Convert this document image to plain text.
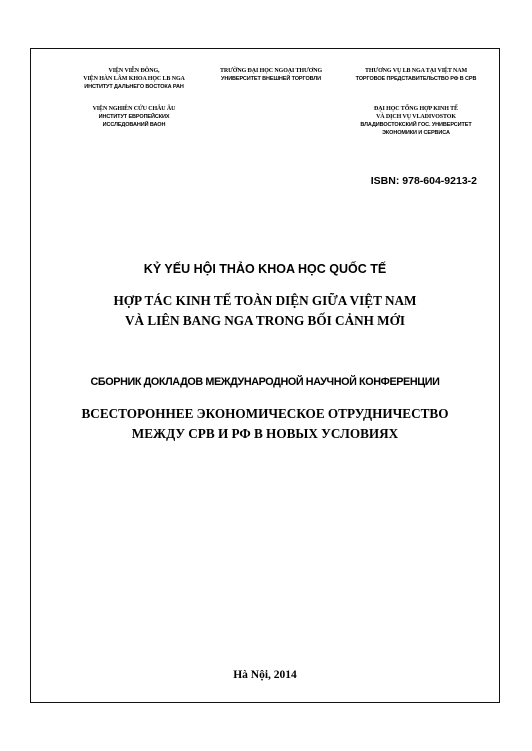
VIỆN VIỄN ĐÔNG,
VIỆN HÀN LÂM KHOA HỌC LB NGA
ИНСТИТУТ ДАЛЬНЕГО ВОСТОКА РАН
TRƯỜNG ĐẠI HỌC NGOẠI THƯƠNG
УНИВЕРСИТЕТ ВНЕШНЕЙ ТОРГОВЛИ
THƯƠNG VỤ LB NGA TẠI VIỆT NAM
ТОРГОВОЕ ПРЕДСТАВИТЕЛЬСТВО РФ В СРВ
VIỆN NGHIÊN CỨU CHÂU ÂU
ИНСТИТУТ ЕВРОПЕЙСКИХ
ИССЛЕДОВАНИЙ ВАОН
ĐẠI HỌC TỔNG HỢP KINH TẾ
VÀ DỊCH VỤ VLADIVOSTOK
ВЛАДИВОСТОКСКИЙ ГОС. УНИВЕРСИТЕТ
ЭКОНОМИКИ И СЕРВИСА
ISBN: 978-604-9213-2
KỶ YẾU HỘI THẢO KHOA HỌC QUỐC TẾ
HỢP TÁC KINH TẾ TOÀN DIỆN GIỮA VIỆT NAM
VÀ LIÊN BANG NGA TRONG BỐI CẢNH MỚI
СБОРНИК ДОКЛАДОВ МЕЖДУНАРОДНОЙ НАУЧНОЙ КОНФЕРЕНЦИИ
ВСЕСТОРОННЕЕ ЭКОНОМИЧЕСКОЕ ОТРУДНИЧЕСТВО
МЕЖДУ СРВ И РФ В НОВЫХ УСЛОВИЯХ
Hà Nội, 2014
